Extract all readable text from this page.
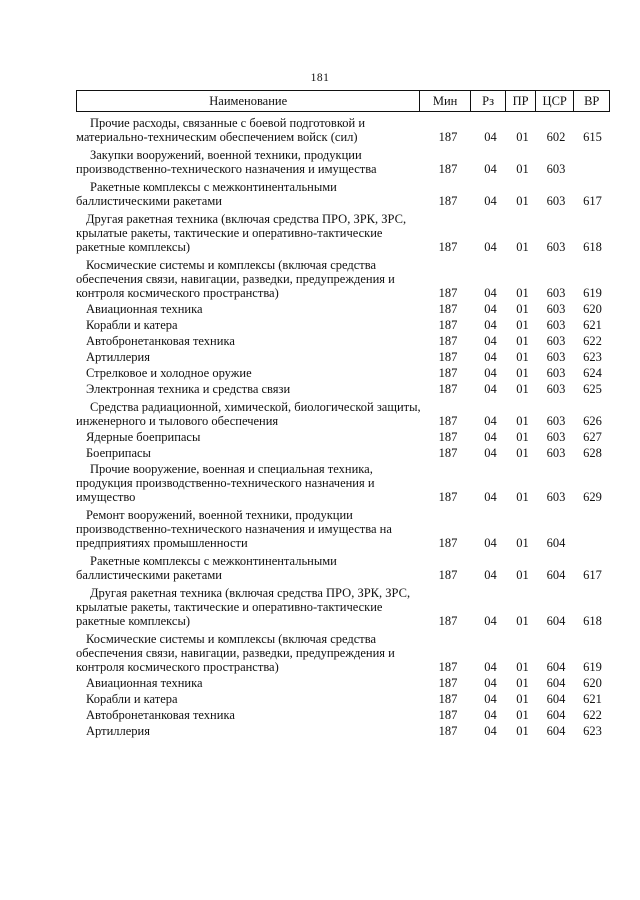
181
Наименование	Мин	Рз	ПР	ЦСР	ВР
Прочие расходы, связанные с боевой подготовкой и материально-техническим обеспечением войск (сил)	187	04	01	602	615
Закупки вооружений, военной техники, продукции производственно-технического назначения и имущества	187	04	01	603
Ракетные комплексы с межконтинентальными баллистическими ракетами	187	04	01	603	617
Другая ракетная техника (включая средства ПРО, ЗРК, ЗРС, крылатые ракеты, тактические и оперативно-тактические ракетные комплексы)	187	04	01	603	618
Космические системы и комплексы (включая средства обеспечения связи, навигации, разведки, предупреждения и контроля космического пространства)	187	04	01	603	619
Авиационная техника	187	04	01	603	620
Корабли и катера	187	04	01	603	621
Автобронетанковая техника	187	04	01	603	622
Артиллерия	187	04	01	603	623
Стрелковое и холодное оружие	187	04	01	603	624
Электронная техника и средства связи	187	04	01	603	625
Средства радиационной, химической, биологической защиты, инженерного и тылового обеспечения	187	04	01	603	626
Ядерные боеприпасы	187	04	01	603	627
Боеприпасы	187	04	01	603	628
Прочие вооружение, военная и специальная техника, продукция производственно-технического назначения и имущество	187	04	01	603	629
Ремонт вооружений, военной техники, продукции производственно-технического назначения и имущества на предприятиях промышленности	187	04	01	604
Ракетные комплексы с межконтинентальными баллистическими ракетами	187	04	01	604	617
Другая ракетная техника (включая средства ПРО, ЗРК, ЗРС, крылатые ракеты, тактические и оперативно-тактические ракетные комплексы)	187	04	01	604	618
Космические системы и комплексы (включая средства обеспечения связи, навигации, разведки, предупреждения и контроля космического пространства)	187	04	01	604	619
Авиационная техника	187	04	01	604	620
Корабли и катера	187	04	01	604	621
Автобронетанковая техника	187	04	01	604	622
Артиллерия	187	04	01	604	623
